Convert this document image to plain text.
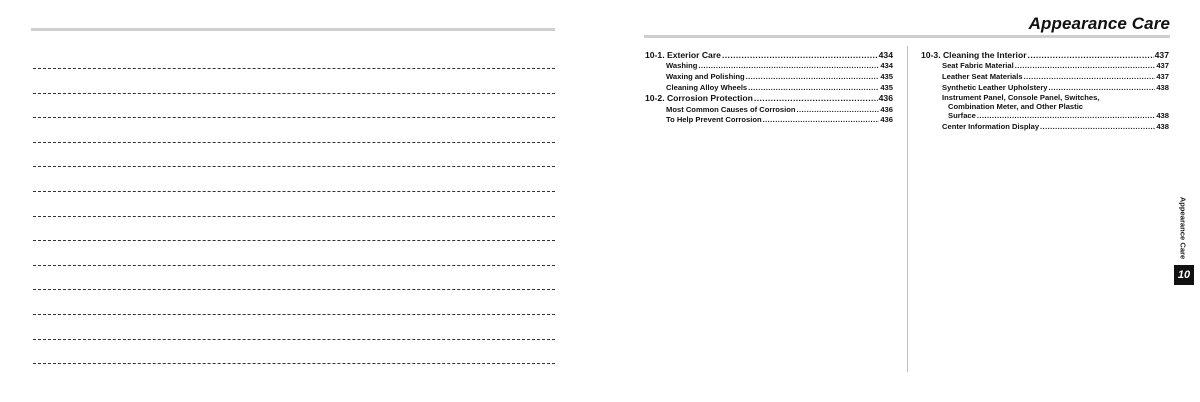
Appearance Care
10-1. Exterior Care .....	434
Washing .....	434
Waxing and Polishing .....	435
Cleaning Alloy Wheels .....	435
10-2. Corrosion Protection .....	436
Most Common Causes of Corrosion .....	436
To Help Prevent Corrosion .....	436
10-3. Cleaning the Interior .....	437
Seat Fabric Material .....	437
Leather Seat Materials .....	437
Synthetic Leather Upholstery .....	438
Instrument Panel, Console Panel, Switches,
Combination Meter, and Other Plastic
Surface .....	438
Center Information Display .....	438
Appearance Care
10
